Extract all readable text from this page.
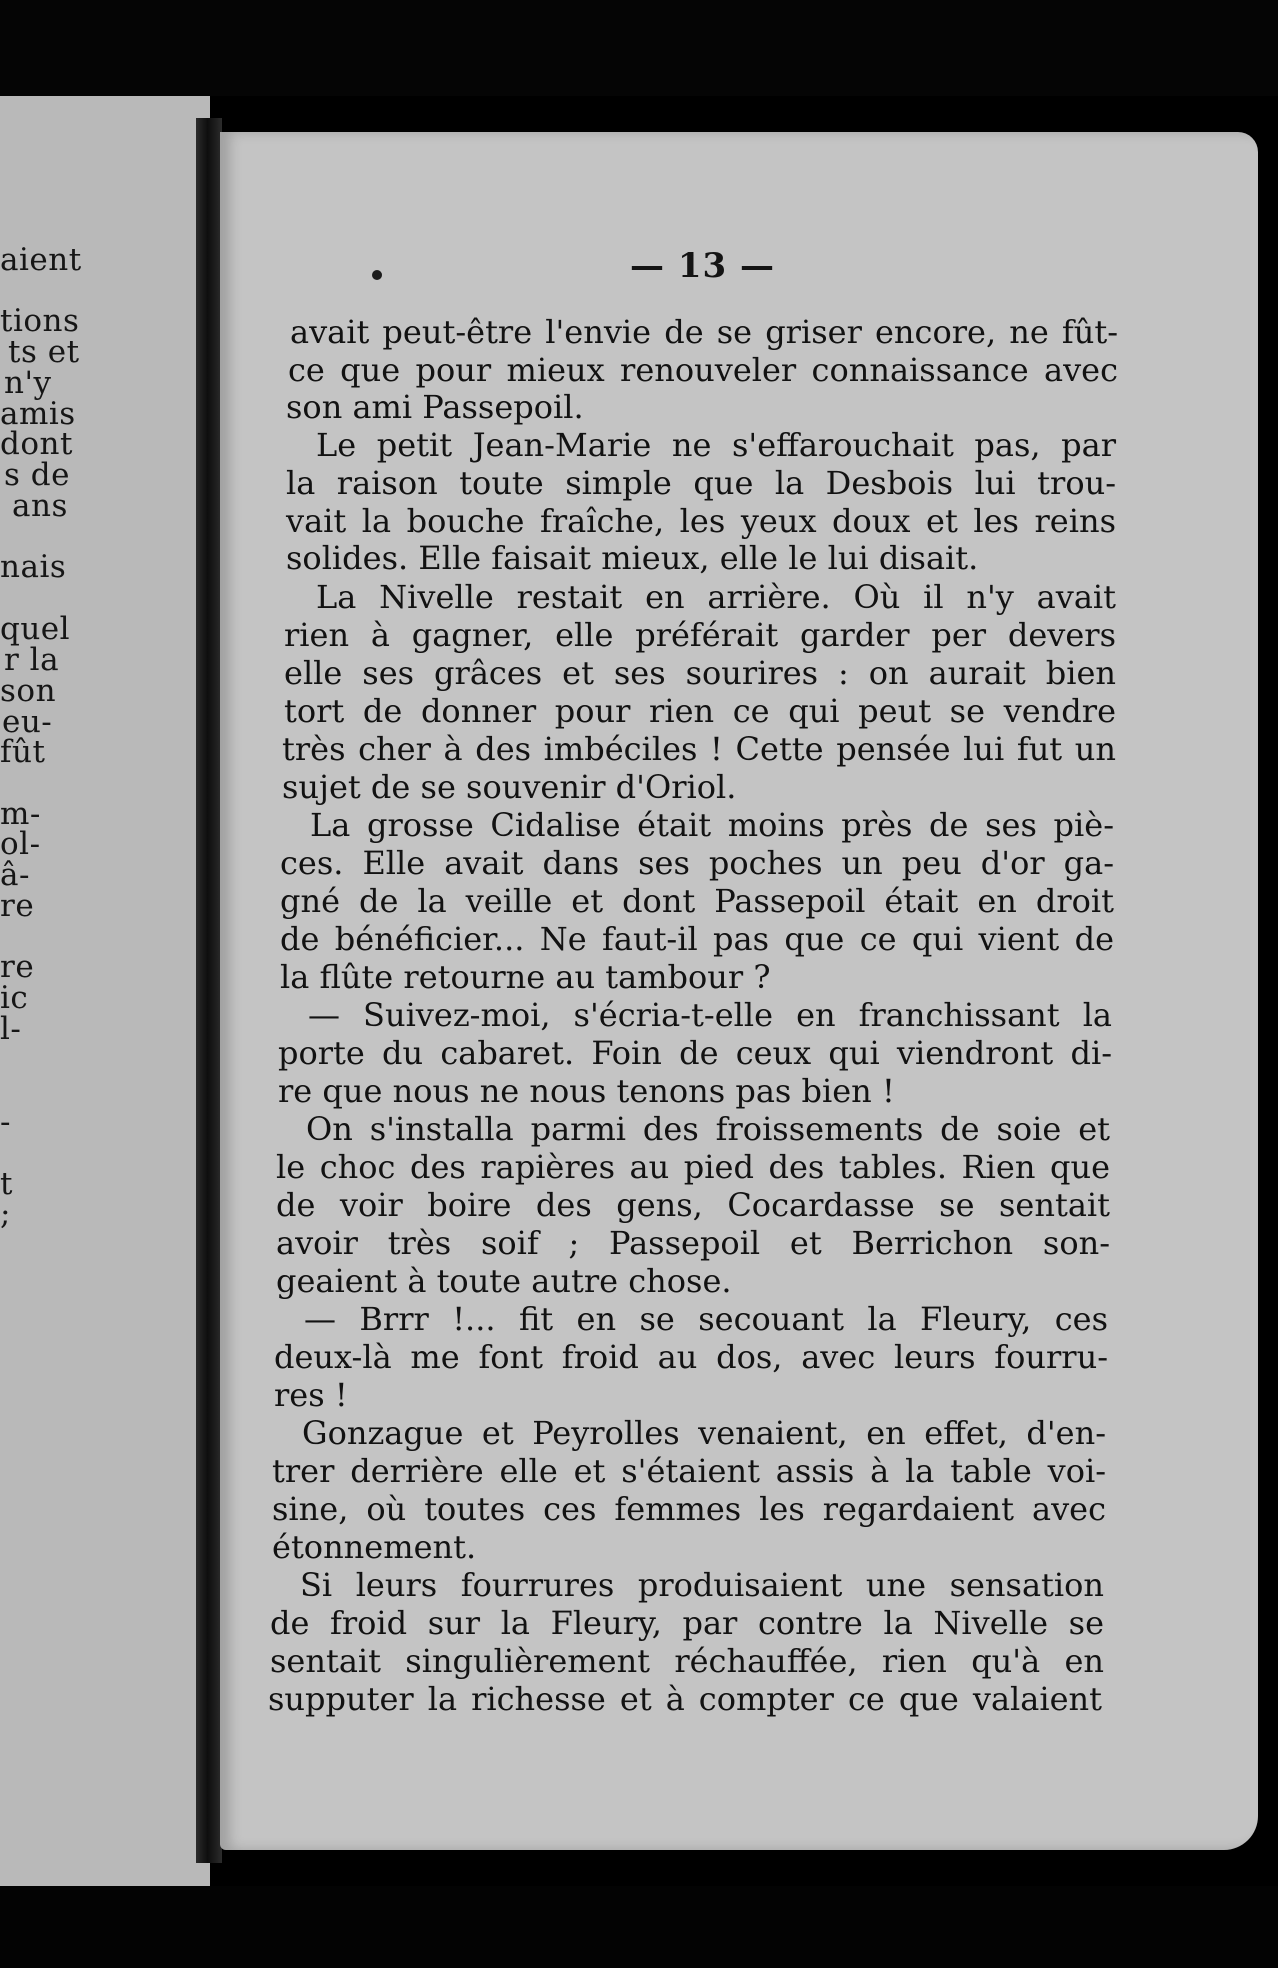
aient
tions
ts et
n'y
amis
dont
s de
ans
nais
quel
r la
son
eu-
fût
m-
ol-
â-
re
re
ic
l-
-
t
;
— 13 —
avait peut-être l'envie de se griser encore, ne fût-
ce que pour mieux renouveler connaissance avec
son ami Passepoil.
Le petit Jean-Marie ne s'effarouchait pas, par
la raison toute simple que la Desbois lui trou-
vait la bouche fraîche, les yeux doux et les reins
solides. Elle faisait mieux, elle le lui disait.
La Nivelle restait en arrière. Où il n'y avait
rien à gagner, elle préférait garder per devers
elle ses grâces et ses sourires : on aurait bien
tort de donner pour rien ce qui peut se vendre
très cher à des imbéciles ! Cette pensée lui fut un
sujet de se souvenir d'Oriol.
La grosse Cidalise était moins près de ses piè-
ces. Elle avait dans ses poches un peu d'or ga-
gné de la veille et dont Passepoil était en droit
de bénéficier... Ne faut-il pas que ce qui vient de
la flûte retourne au tambour ?
— Suivez-moi, s'écria-t-elle en franchissant la
porte du cabaret. Foin de ceux qui viendront di-
re que nous ne nous tenons pas bien !
On s'installa parmi des froissements de soie et
le choc des rapières au pied des tables. Rien que
de voir boire des gens, Cocardasse se sentait
avoir très soif ; Passepoil et Berrichon son-
geaient à toute autre chose.
— Brrr !... fit en se secouant la Fleury, ces
deux-là me font froid au dos, avec leurs fourru-
res !
Gonzague et Peyrolles venaient, en effet, d'en-
trer derrière elle et s'étaient assis à la table voi-
sine, où toutes ces femmes les regardaient avec
étonnement.
Si leurs fourrures produisaient une sensation
de froid sur la Fleury, par contre la Nivelle se
sentait singulièrement réchauffée, rien qu'à en
supputer la richesse et à compter ce que valaient
